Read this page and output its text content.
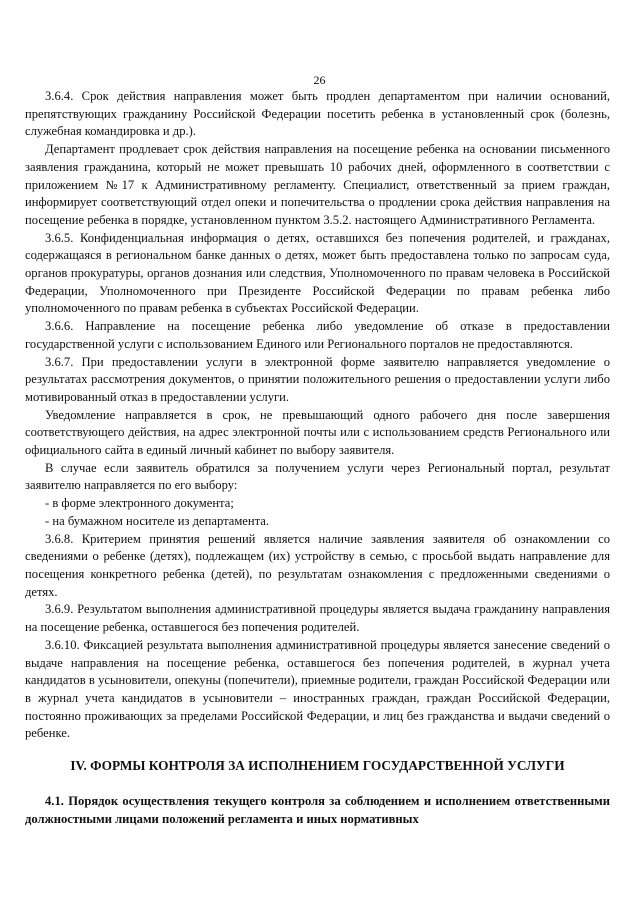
26

3.6.4. Срок действия направления может быть продлен департаментом при наличии оснований, препятствующих гражданину Российской Федерации посетить ребенка в установленный срок (болезнь, служебная командировка и др.).

Департамент продлевает срок действия направления на посещение ребенка на основании письменного заявления гражданина, который не может превышать 10 рабочих дней, оформленного в соответствии с приложением №17 к Административному регламенту. Специалист, ответственный за прием граждан, информирует соответствующий отдел опеки и попечительства о продлении срока действия направления на посещение ребенка в порядке, установленном пунктом 3.5.2. настоящего Административного Регламента.

3.6.5. Конфиденциальная информация о детях, оставшихся без попечения родителей, и гражданах, содержащаяся в региональном банке данных о детях, может быть предоставлена только по запросам суда, органов прокуратуры, органов дознания или следствия, Уполномоченного по правам человека в Российской Федерации, Уполномоченного при Президенте Российской Федерации по правам ребенка либо уполномоченного по правам ребенка в субъектах Российской Федерации.

3.6.6. Направление на посещение ребенка либо уведомление об отказе в предоставлении государственной услуги с использованием Единого или Регионального порталов не предоставляются.

3.6.7. При предоставлении услуги в электронной форме заявителю направляется уведомление о результатах рассмотрения документов, о принятии положительного решения о предоставлении услуги либо мотивированный отказ в предоставлении услуги.

Уведомление направляется в срок, не превышающий одного рабочего дня после завершения соответствующего действия, на адрес электронной почты или с использованием средств Регионального или официального сайта в единый личный кабинет по выбору заявителя.

В случае если заявитель обратился за получением услуги через Региональный портал, результат заявителю направляется по его выбору:

- в форме электронного документа;

- на бумажном носителе из департамента.

3.6.8. Критерием принятия решений является наличие заявления заявителя об ознакомлении со сведениями о ребенке (детях), подлежащем (их) устройству в семью, с просьбой выдать направление для посещения конкретного ребенка (детей), по результатам ознакомления с предложенными сведениями о детях.

3.6.9. Результатом выполнения административной процедуры является выдача гражданину направления на посещение ребенка, оставшегося без попечения родителей.

3.6.10. Фиксацией результата выполнения административной процедуры является занесение сведений о выдаче направления на посещение ребенка, оставшегося без попечения родителей, в журнал учета кандидатов в усыновители, опекуны (попечители), приемные родители, граждан Российской Федерации или в журнал учета кандидатов в усыновители – иностранных граждан, граждан Российской Федерации, постоянно проживающих за пределами Российской Федерации, и лиц без гражданства и выдачи сведений о ребенке.

IV. ФОРМЫ КОНТРОЛЯ ЗА ИСПОЛНЕНИЕМ ГОСУДАРСТВЕННОЙ УСЛУГИ
4.1. Порядок осуществления текущего контроля за соблюдением и исполнением ответственными должностными лицами положений регламента и иных нормативных
